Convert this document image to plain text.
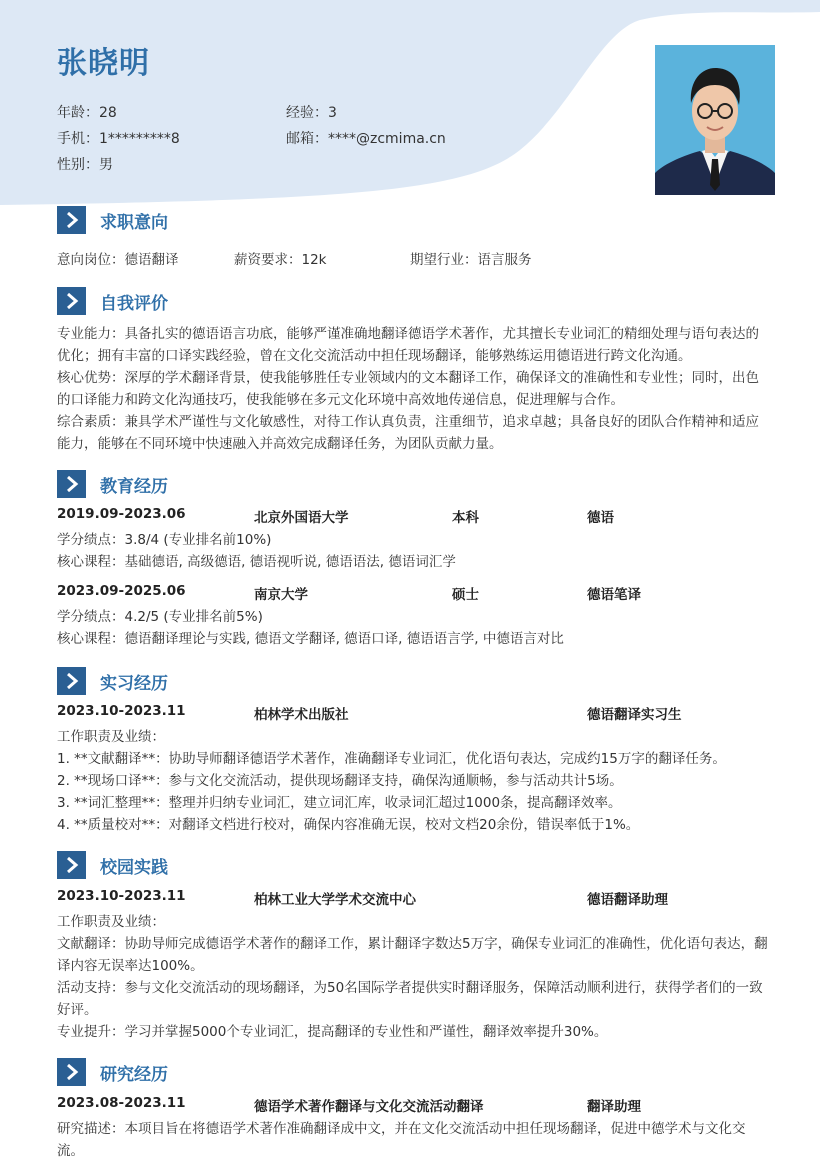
张晓明
年龄：28	经验：3
手机：1*********8	邮箱：****@zcmima.cn
性别：男
求职意向
意向岗位：德语翻译	薪资要求：12k	期望行业：语言服务
自我评价
专业能力：具备扎实的德语语言功底，能够严谨准确地翻译德语学术著作，尤其擅长专业词汇的精细处理与语句表达的优化；拥有丰富的口译实践经验，曾在文化交流活动中担任现场翻译，能够熟练运用德语进行跨文化沟通。
核心优势：深厚的学术翻译背景，使我能够胜任专业领域内的文本翻译工作，确保译文的准确性和专业性；同时，出色的口译能力和跨文化沟通技巧，使我能够在多元文化环境中高效地传递信息，促进理解与合作。
综合素质：兼具学术严谨性与文化敏感性，对待工作认真负责，注重细节，追求卓越；具备良好的团队合作精神和适应能力，能够在不同环境中快速融入并高效完成翻译任务，为团队贡献力量。
教育经历
2019.09-2023.06	北京外国语大学	本科	德语
学分绩点：3.8/4 (专业排名前10%)
核心课程：基础德语, 高级德语, 德语视听说, 德语语法, 德语词汇学
2023.09-2025.06	南京大学	硕士	德语笔译
学分绩点：4.2/5 (专业排名前5%)
核心课程：德语翻译理论与实践, 德语文学翻译, 德语口译, 德语语言学, 中德语言对比
实习经历
2023.10-2023.11	柏林学术出版社	德语翻译实习生
工作职责及业绩：
1. **文献翻译**：协助导师翻译德语学术著作，准确翻译专业词汇，优化语句表达，完成约15万字的翻译任务。
2. **现场口译**：参与文化交流活动，提供现场翻译支持，确保沟通顺畅，参与活动共计5场。
3. **词汇整理**：整理并归纳专业词汇，建立词汇库，收录词汇超过1000条，提高翻译效率。
4. **质量校对**：对翻译文档进行校对，确保内容准确无误，校对文档20余份，错误率低于1%。
校园实践
2023.10-2023.11	柏林工业大学学术交流中心	德语翻译助理
工作职责及业绩：
文献翻译：协助导师完成德语学术著作的翻译工作，累计翻译字数达5万字，确保专业词汇的准确性，优化语句表达，翻译内容无误率达100%。
活动支持：参与文化交流活动的现场翻译，为50名国际学者提供实时翻译服务，保障活动顺利进行，获得学者们的一致好评。
专业提升：学习并掌握5000个专业词汇，提高翻译的专业性和严谨性，翻译效率提升30%。
研究经历
2023.08-2023.11	德语学术著作翻译与文化交流活动翻译	翻译助理
研究描述：本项目旨在将德语学术著作准确翻译成中文，并在文化交流活动中担任现场翻译，促进中德学术与文化交流。
